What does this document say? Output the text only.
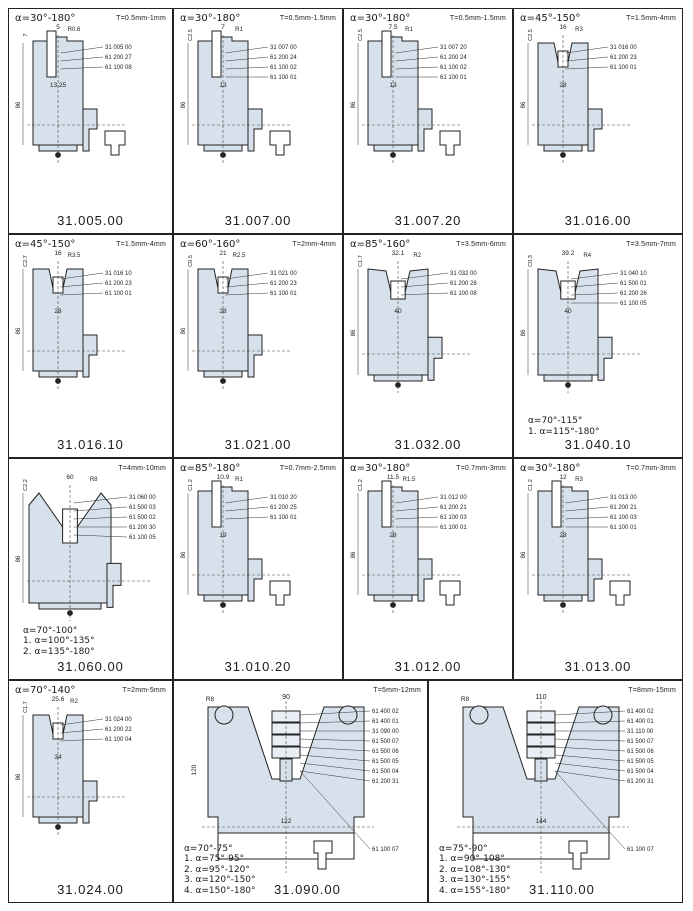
α=30°-180°	T=0.5mm-1mm
86
5 R0.6
7
13.25
31 005 00
61 200 27
61 100 08
31.005.00
α=30°-180°	T=0.5mm-1.5mm
86
7 R1
C2.5
13
31 007 00
61 200 24
61 100 02
61 100 01
31.007.00
α=30°-180°	T=0.5mm-1.5mm
86
7.5 R1
C2.5
13
31 007 20
61 200 24
61 100 02
61 100 01
31.007.20
α=45°-150°	T=1.5mm-4mm
86
16 R3
C2.5
28
31 016 00
61 200 23
61 100 01
31.016.00
α=45°-150°	T=1.5mm-4mm
86
16 R3.5
C2.7
28
31 016 10
61 200 23
61 100 01
31.016.10
α=60°-160°	T=2mm-4mm
86
21 R2.5
C0.5
28
31 021 00
61 200 23
61 100 01
31.021.00
α=85°-160°	T=3.5mm-6mm
86
32.1 R2
C1.7
40
31 032 00
61 200 28
61 100 08
31.032.00
T=3.5mm-7mm
86
39.2 R4
C0.3
40
31 040 10
61 500 01
61 200 26
61 100 05
α=70°-115°
1. α=115°-180°
31.040.10
T=4mm-10mm
86
60	R8
C2.2
31 060 00
61 500 03
61 500 02
61 200 30
61 100 05
α=70°-100°
1. α=100°-135°
2. α=135°-180°
31.060.00
α=85°-180°	T=0.7mm-2.5mm
86
10.9 R1
C1.2
19
31 010 20
61 200 25
61 100 01
31.010.20
α=30°-180°	T=0.7mm-3mm
86
11.5 R1.5
C1.2
28
31 012 00
61 200 21
61 100 03
61 100 01
31.012.00
α=30°-180°	T=0.7mm-3mm
86
12 R3
C1.2
28
31 013 00
61 200 21
61 100 03
61 100 01
31.013.00
α=70°-140°	T=2mm-5mm
86
25.6 R2
C1.7
34
31 024 00
61 200 22
61 100 04
31.024.00
T=5mm-12mm
90
R8
120
122
61 400 02
61 400 01
31 090 00
61 500 07
61 500 06
61 500 05
61 500 04
61 200 31
61 100 07
α=70°-75°
1. α=75°-95°
2. α=95°-120°
3. α=120°-150°
4. α=150°-180° 31.090.00
T=8mm-15mm
110
R8
144
61 400 02
61 400 01
31 110 00
61 500 07
61 500 06
61 500 05
61 500 04
61 200 31
61 100 07
α=75°-90°
1. α=90°-108°
2. α=108°-130°
3. α=130°-155°
4. α=155°-180° 31.110.00
